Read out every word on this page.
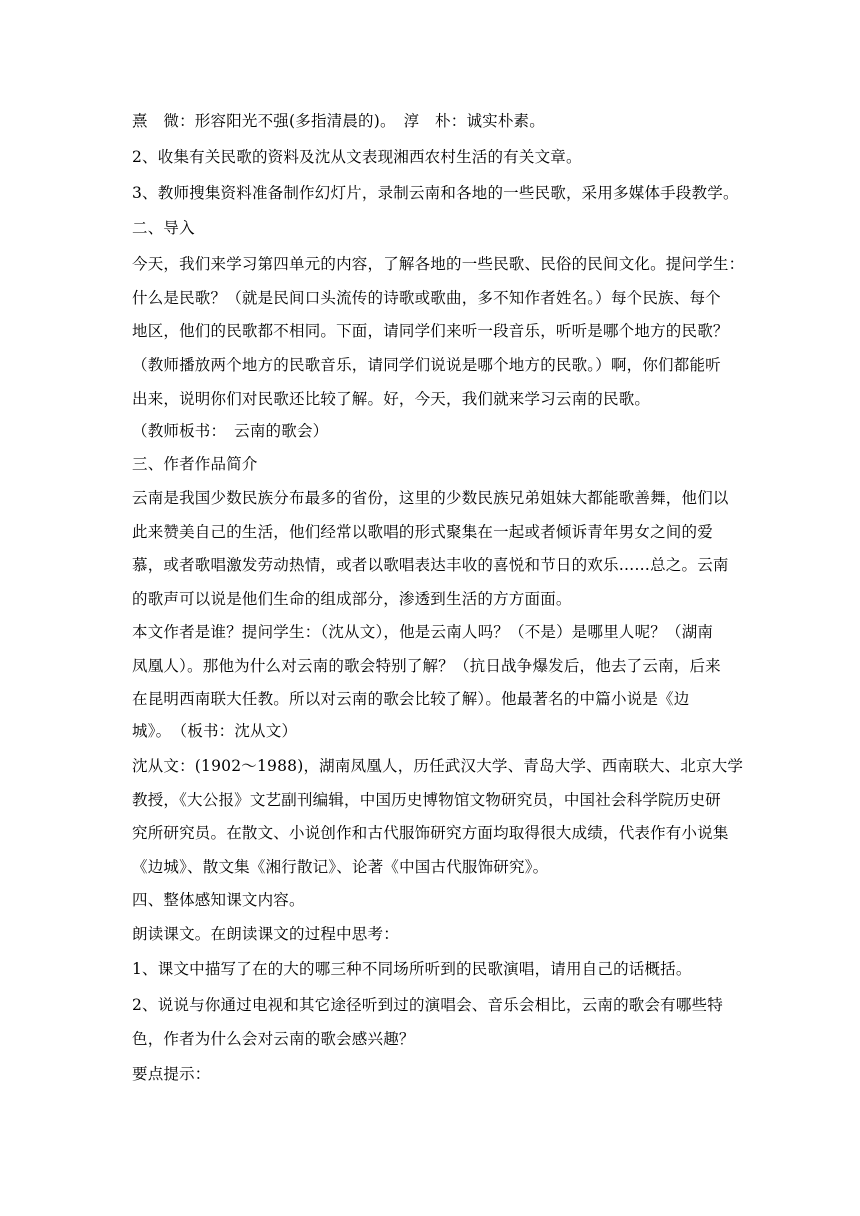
熹　微：形容阳光不强(多指清晨的)。　淳　朴：诚实朴素。
2、收集有关民歌的资料及沈从文表现湘西农村生活的有关文章。
3、教师搜集资料准备制作幻灯片，录制云南和各地的一些民歌，采用多媒体手段教学。
二、导入
今天，我们来学习第四单元的内容，了解各地的一些民歌、民俗的民间文化。提问学生：
什么是民歌？（就是民间口头流传的诗歌或歌曲，多不知作者姓名。）每个民族、每个
地区，他们的民歌都不相同。下面，请同学们来听一段音乐，听听是哪个地方的民歌？
（教师播放两个地方的民歌音乐，请同学们说说是哪个地方的民歌。）啊，你们都能听
出来，说明你们对民歌还比较了解。好，今天，我们就来学习云南的民歌。
（教师板书：　云南的歌会）
三、作者作品简介
云南是我国少数民族分布最多的省份，这里的少数民族兄弟姐妹大都能歌善舞，他们以
此来赞美自己的生活，他们经常以歌唱的形式聚集在一起或者倾诉青年男女之间的爱
慕，或者歌唱激发劳动热情，或者以歌唱表达丰收的喜悦和节日的欢乐……总之。云南
的歌声可以说是他们生命的组成部分，渗透到生活的方方面面。
本文作者是谁？提问学生：（沈从文），他是云南人吗？（不是）是哪里人呢？（湖南
凤凰人）。那他为什么对云南的歌会特别了解？（抗日战争爆发后，他去了云南，后来
在昆明西南联大任教。所以对云南的歌会比较了解）。他最著名的中篇小说是《边
城》。　（板书：沈从文）
沈从文：(1902～1988)，湖南凤凰人，历任武汉大学、青岛大学、西南联大、北京大学
教授，《大公报》文艺副刊编辑，中国历史博物馆文物研究员，中国社会科学院历史研
究所研究员。在散文、小说创作和古代服饰研究方面均取得很大成绩，代表作有小说集
《边城》、散文集《湘行散记》、论著《中国古代服饰研究》。
四、整体感知课文内容。
朗读课文。在朗读课文的过程中思考：
1、课文中描写了在的大的哪三种不同场所听到的民歌演唱，请用自己的话概括。
2、说说与你通过电视和其它途径听到过的演唱会、音乐会相比，云南的歌会有哪些特
色，作者为什么会对云南的歌会感兴趣？
要点提示：
